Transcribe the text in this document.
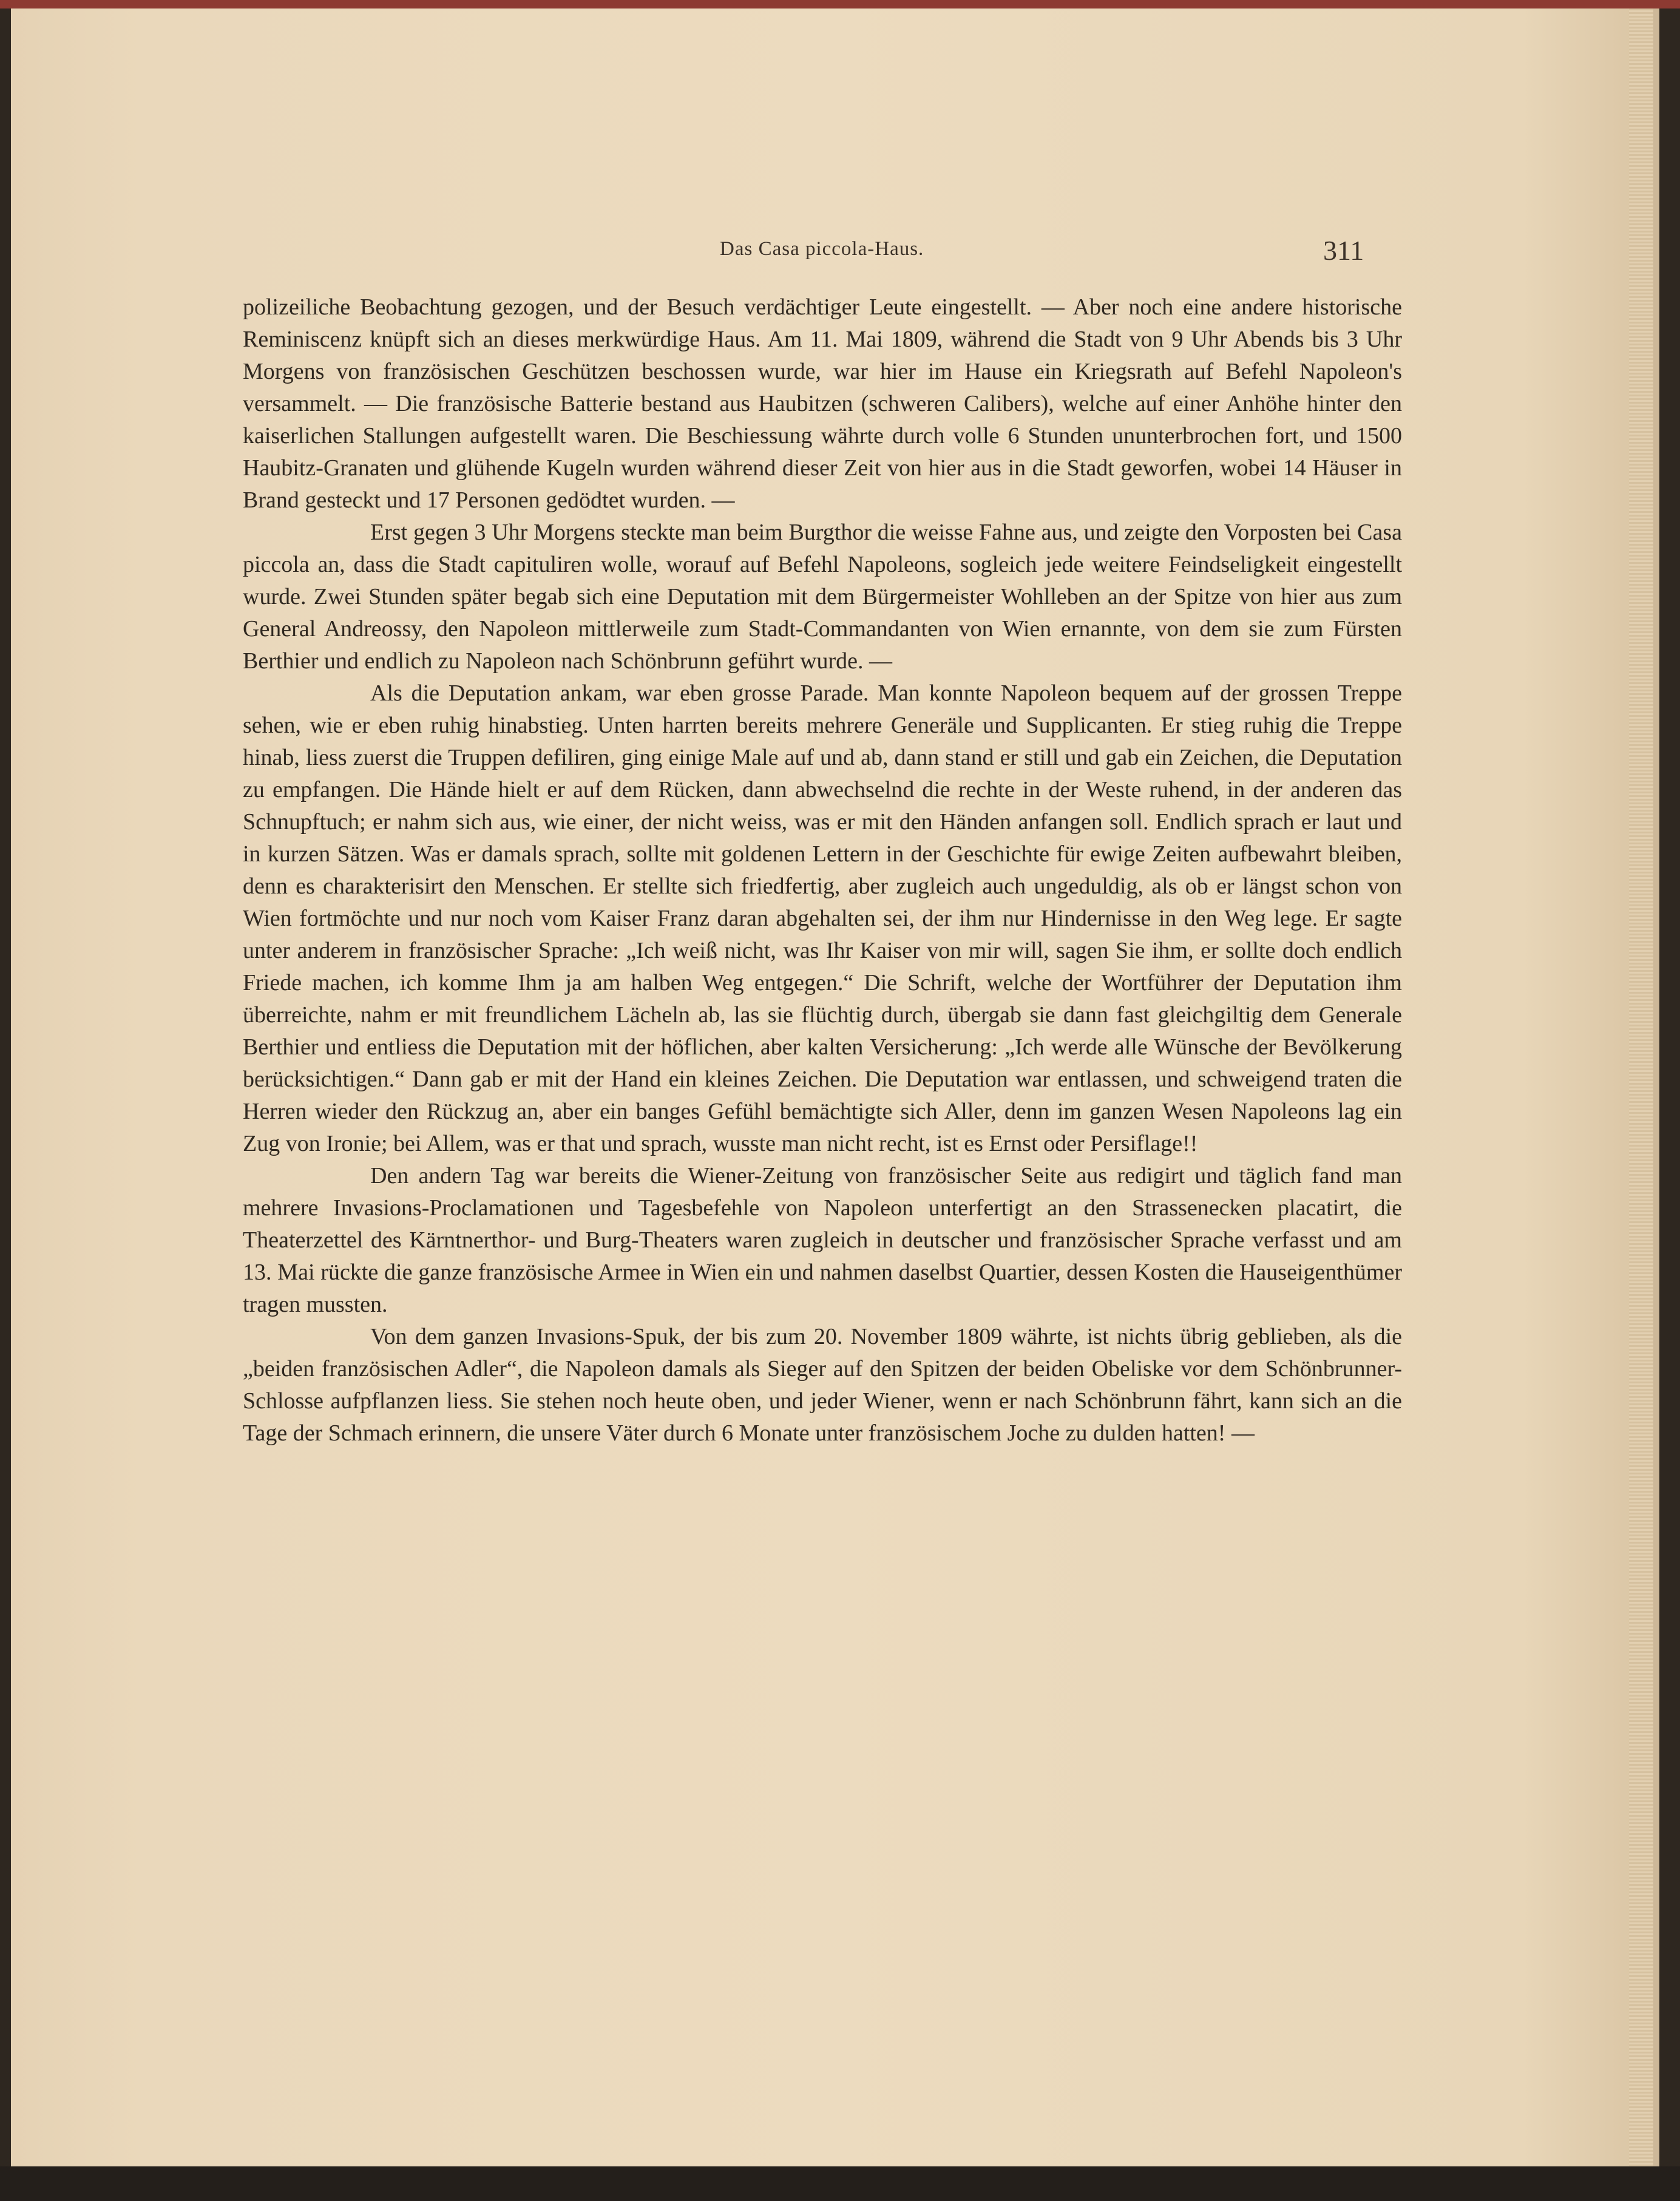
Das Casa piccola-Haus.	311

polizeiliche Beobachtung gezogen, und der Besuch verdächtiger Leute eingestellt. — Aber noch eine andere historische Reminiscenz knüpft sich an dieses merkwürdige Haus. Am 11. Mai 1809, während die Stadt von 9 Uhr Abends bis 3 Uhr Morgens von französischen Geschützen beschossen wurde, war hier im Hause ein Kriegsrath auf Befehl Napoleon's versammelt. — Die französische Batterie bestand aus Haubitzen (schweren Calibers), welche auf einer Anhöhe hinter den kaiserlichen Stallungen aufgestellt waren. Die Beschiessung währte durch volle 6 Stunden ununterbrochen fort, und 1500 Haubitz-Granaten und glühende Kugeln wurden während dieser Zeit von hier aus in die Stadt geworfen, wobei 14 Häuser in Brand gesteckt und 17 Personen gedödtet wurden. —

Erst gegen 3 Uhr Morgens steckte man beim Burgthor die weisse Fahne aus, und zeigte den Vorposten bei Casa piccola an, dass die Stadt capituliren wolle, worauf auf Befehl Napoleons, sogleich jede weitere Feindseligkeit eingestellt wurde. Zwei Stunden später begab sich eine Deputation mit dem Bürgermeister Wohlleben an der Spitze von hier aus zum General Andreossy, den Napoleon mittlerweile zum Stadt-Commandanten von Wien ernannte, von dem sie zum Fürsten Berthier und endlich zu Napoleon nach Schönbrunn geführt wurde. —

Als die Deputation ankam, war eben grosse Parade. Man konnte Napoleon bequem auf der grossen Treppe sehen, wie er eben ruhig hinabstieg. Unten harrten bereits mehrere Generäle und Supplicanten. Er stieg ruhig die Treppe hinab, liess zuerst die Truppen defiliren, ging einige Male auf und ab, dann stand er still und gab ein Zeichen, die Deputation zu empfangen. Die Hände hielt er auf dem Rücken, dann abwechselnd die rechte in der Weste ruhend, in der anderen das Schnupftuch; er nahm sich aus, wie einer, der nicht weiss, was er mit den Händen anfangen soll. Endlich sprach er laut und in kurzen Sätzen. Was er damals sprach, sollte mit goldenen Lettern in der Geschichte für ewige Zeiten aufbewahrt bleiben, denn es charakterisirt den Menschen. Er stellte sich friedfertig, aber zugleich auch ungeduldig, als ob er längst schon von Wien fortmöchte und nur noch vom Kaiser Franz daran abgehalten sei, der ihm nur Hindernisse in den Weg lege. Er sagte unter anderem in französischer Sprache: „Ich weiß nicht, was Ihr Kaiser von mir will, sagen Sie ihm, er sollte doch endlich Friede machen, ich komme Ihm ja am halben Weg entgegen.“ Die Schrift, welche der Wortführer der Deputation ihm überreichte, nahm er mit freundlichem Lächeln ab, las sie flüchtig durch, übergab sie dann fast gleichgiltig dem Generale Berthier und entliess die Deputation mit der höflichen, aber kalten Versicherung: „Ich werde alle Wünsche der Bevölkerung berücksichtigen.“ Dann gab er mit der Hand ein kleines Zeichen. Die Deputation war entlassen, und schweigend traten die Herren wieder den Rückzug an, aber ein banges Gefühl bemächtigte sich Aller, denn im ganzen Wesen Napoleons lag ein Zug von Ironie; bei Allem, was er that und sprach, wusste man nicht recht, ist es Ernst oder Persiflage!!

Den andern Tag war bereits die Wiener-Zeitung von französischer Seite aus redigirt und täglich fand man mehrere Invasions-Proclamationen und Tagesbefehle von Napoleon unterfertigt an den Strassenecken placatirt, die Theaterzettel des Kärntnerthor- und Burg-Theaters waren zugleich in deutscher und französischer Sprache verfasst und am 13. Mai rückte die ganze französische Armee in Wien ein und nahmen daselbst Quartier, dessen Kosten die Hauseigenthümer tragen mussten.

Von dem ganzen Invasions-Spuk, der bis zum 20. November 1809 währte, ist nichts übrig geblieben, als die „beiden französischen Adler“, die Napoleon damals als Sieger auf den Spitzen der beiden Obeliske vor dem Schönbrunner-Schlosse aufpflanzen liess. Sie stehen noch heute oben, und jeder Wiener, wenn er nach Schönbrunn fährt, kann sich an die Tage der Schmach erinnern, die unsere Väter durch 6 Monate unter französischem Joche zu dulden hatten! —
